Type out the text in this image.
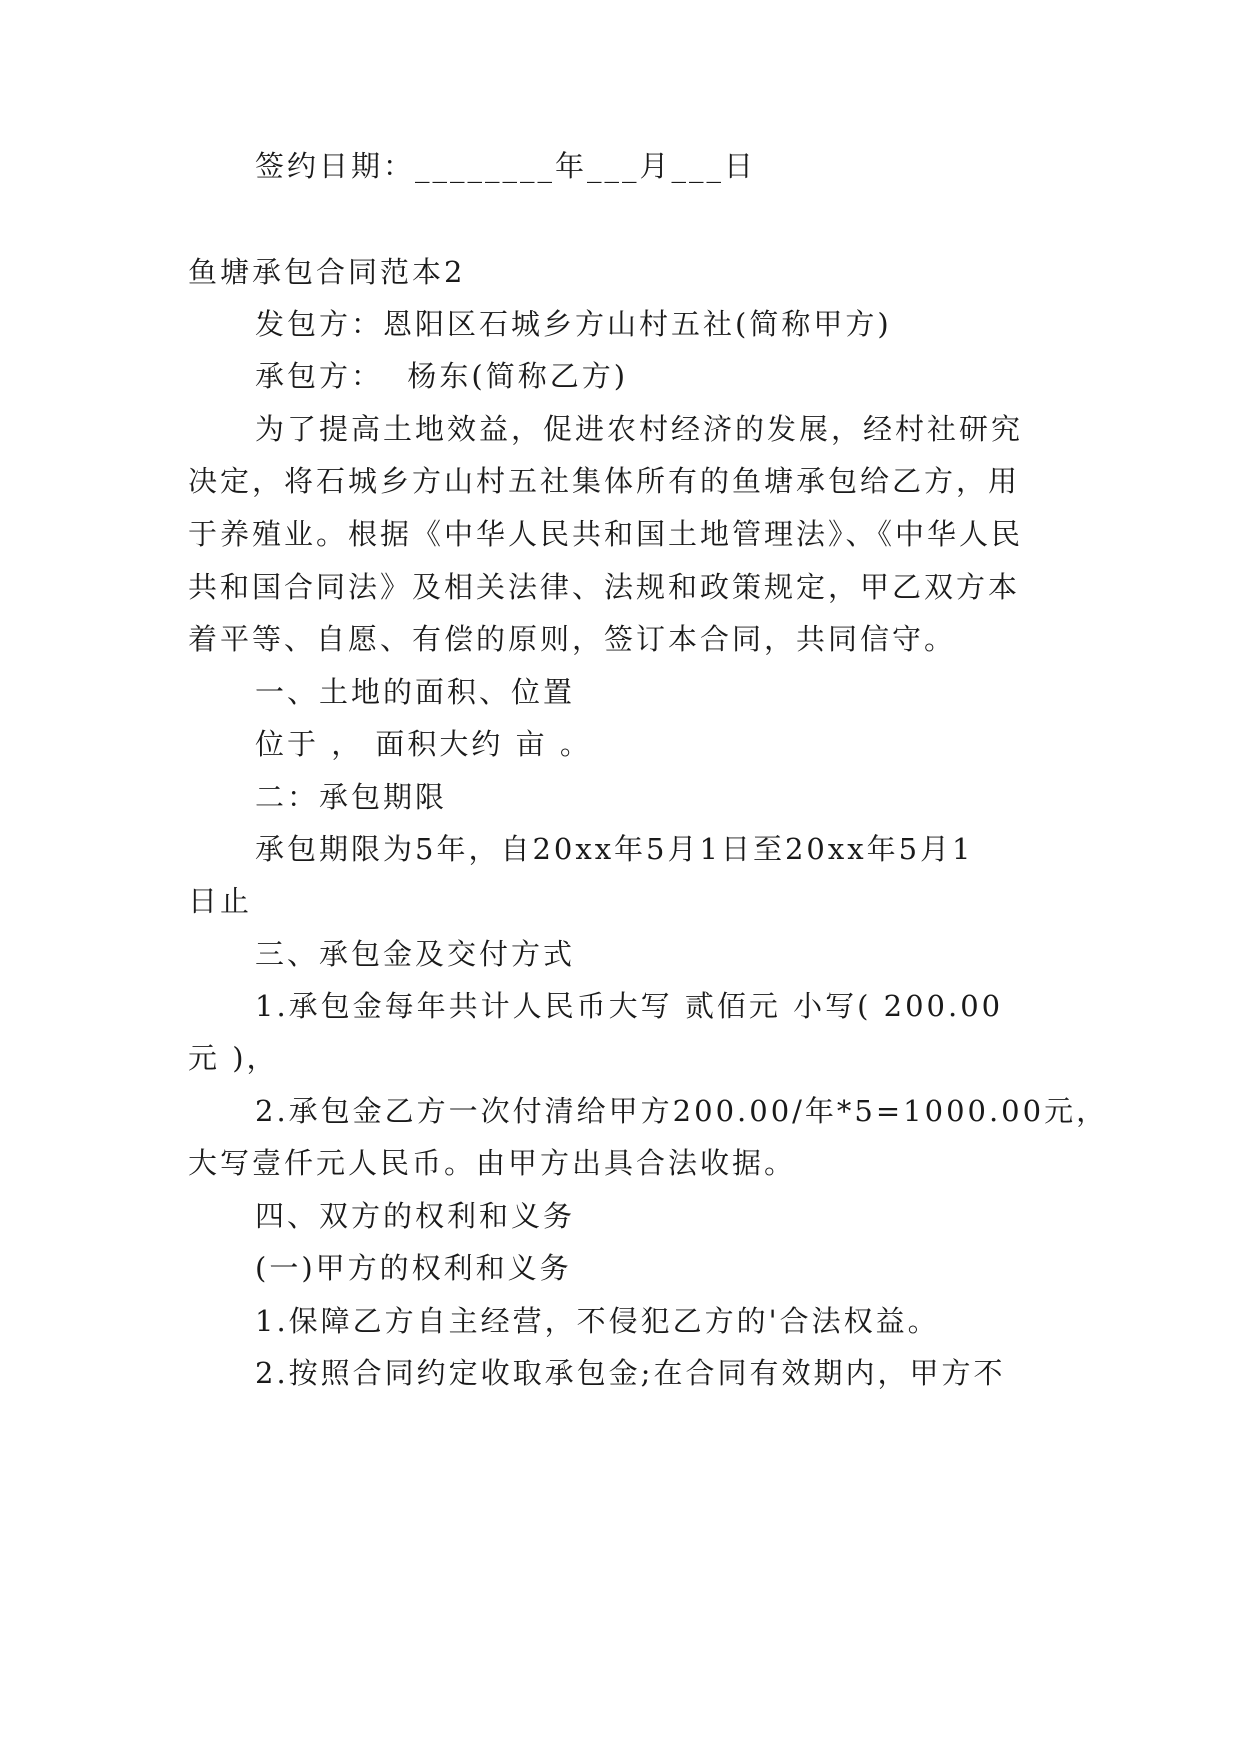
签约日期：________年___月___日
鱼塘承包合同范本2
发包方：恩阳区石城乡方山村五社(简称甲方)
承包方：  杨东(简称乙方)
为了提高土地效益，促进农村经济的发展，经村社研究
决定，将石城乡方山村五社集体所有的鱼塘承包给乙方，用
于养殖业。根据《中华人民共和国土地管理法》、《中华人民
共和国合同法》及相关法律、法规和政策规定，甲乙双方本
着平等、自愿、有偿的原则，签订本合同，共同信守。
一、土地的面积、位置
位于 ， 面积大约 亩 。
二：承包期限
承包期限为5年，自20xx年5月1日至20xx年5月1
日止
三、承包金及交付方式
1.承包金每年共计人民币大写 贰佰元 小写( 200.00
元 )，
2.承包金乙方一次付清给甲方200.00/年*5=1000.00元，
大写壹仟元人民币。由甲方出具合法收据。
四、双方的权利和义务
(一)甲方的权利和义务
1.保障乙方自主经营，不侵犯乙方的'合法权益。
2.按照合同约定收取承包金;在合同有效期内，甲方不
